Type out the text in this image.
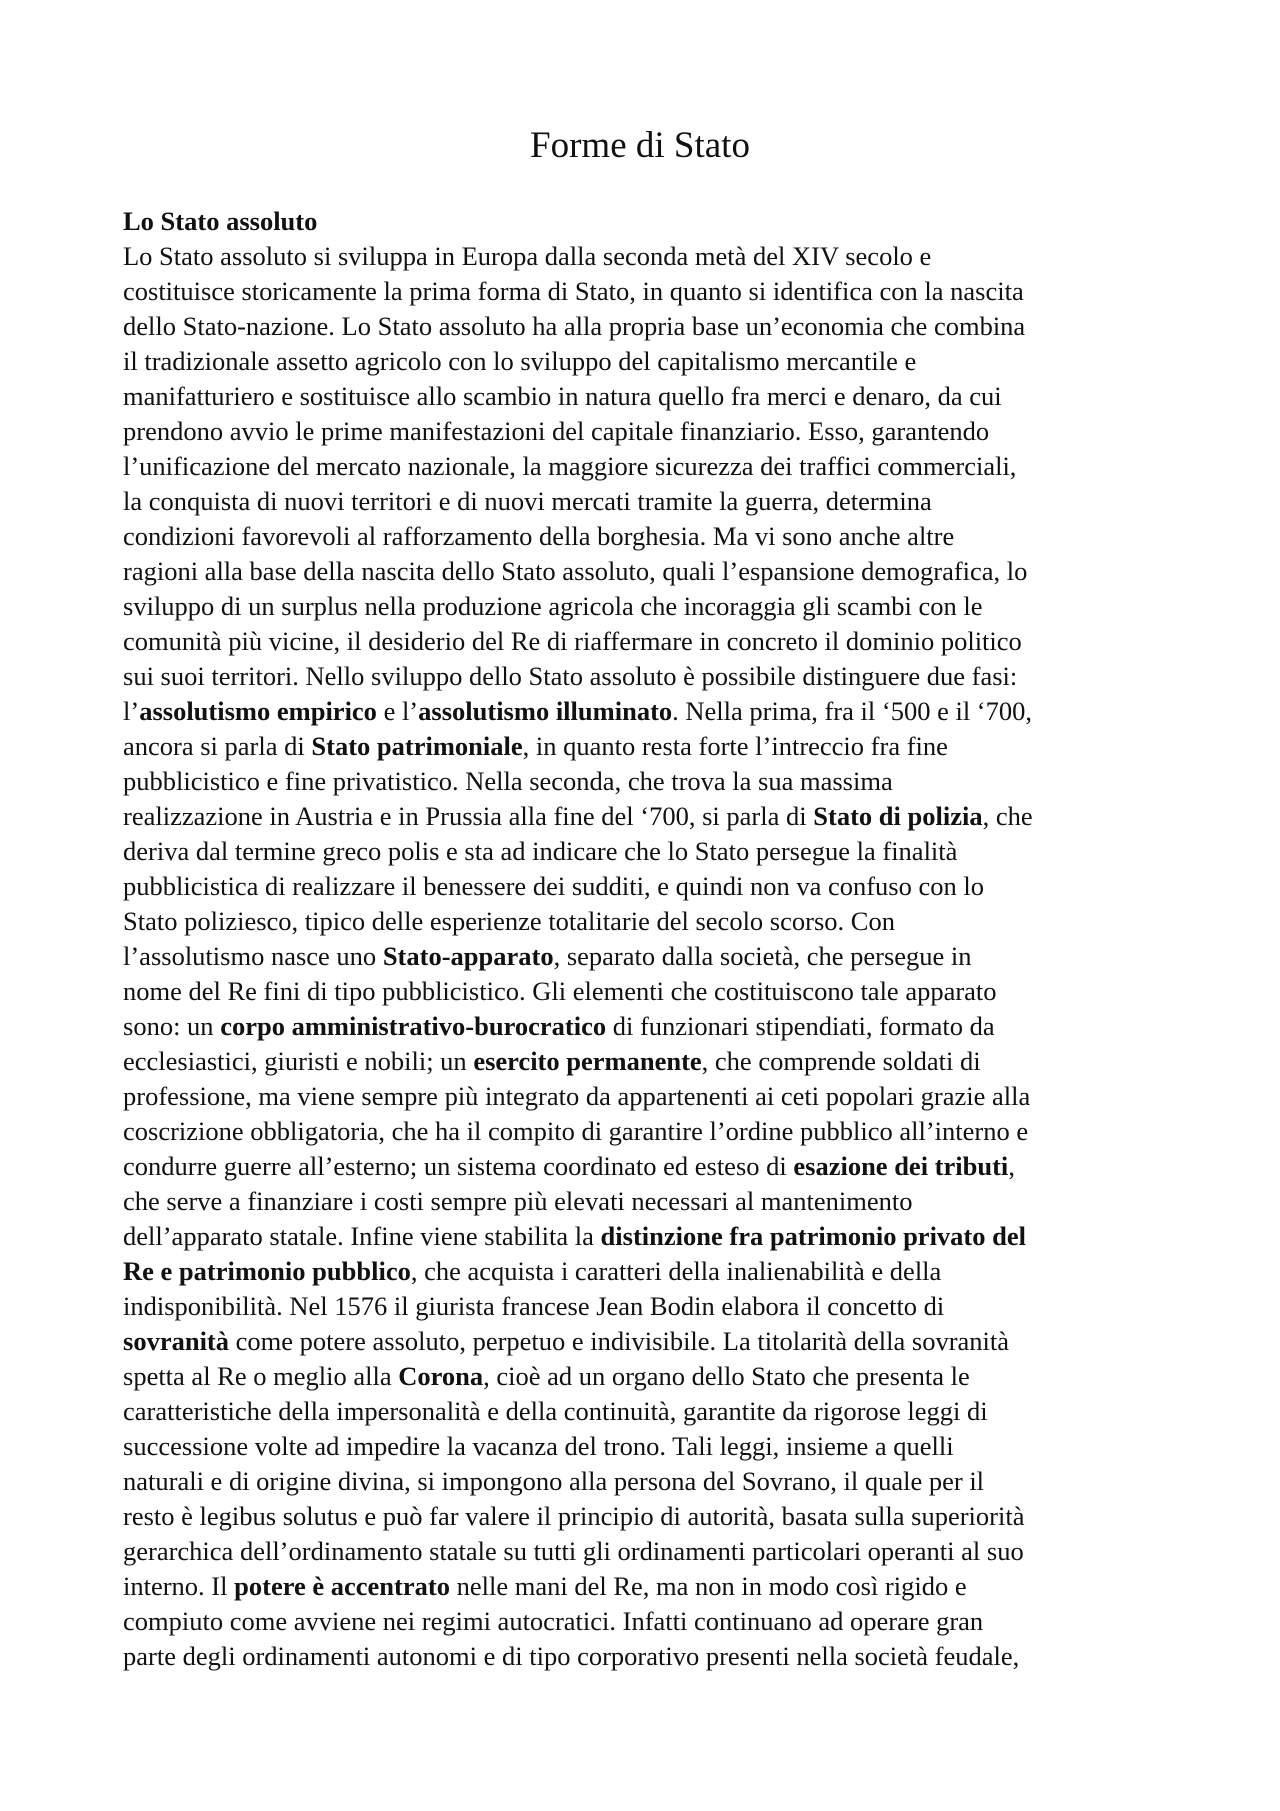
Forme di Stato
Lo Stato assoluto
Lo Stato assoluto si sviluppa in Europa dalla seconda metà del XIV secolo e
costituisce storicamente la prima forma di Stato, in quanto si identifica con la nascita
dello Stato-nazione. Lo Stato assoluto ha alla propria base un’economia che combina
il tradizionale assetto agricolo con lo sviluppo del capitalismo mercantile e
manifatturiero e sostituisce allo scambio in natura quello fra merci e denaro, da cui
prendono avvio le prime manifestazioni del capitale finanziario. Esso, garantendo
l’unificazione del mercato nazionale, la maggiore sicurezza dei traffici commerciali,
la conquista di nuovi territori e di nuovi mercati tramite la guerra, determina
condizioni favorevoli al rafforzamento della borghesia. Ma vi sono anche altre
ragioni alla base della nascita dello Stato assoluto, quali l’espansione demografica, lo
sviluppo di un surplus nella produzione agricola che incoraggia gli scambi con le
comunità più vicine, il desiderio del Re di riaffermare in concreto il dominio politico
sui suoi territori. Nello sviluppo dello Stato assoluto è possibile distinguere due fasi:
l’assolutismo empirico e l’assolutismo illuminato. Nella prima, fra il ‘500 e il ‘700,
ancora si parla di Stato patrimoniale, in quanto resta forte l’intreccio fra fine
pubblicistico e fine privatistico. Nella seconda, che trova la sua massima
realizzazione in Austria e in Prussia alla fine del ‘700, si parla di Stato di polizia, che
deriva dal termine greco polis e sta ad indicare che lo Stato persegue la finalità
pubblicistica di realizzare il benessere dei sudditi, e quindi non va confuso con lo
Stato poliziesco, tipico delle esperienze totalitarie del secolo scorso. Con
l’assolutismo nasce uno Stato-apparato, separato dalla società, che persegue in
nome del Re fini di tipo pubblicistico. Gli elementi che costituiscono tale apparato
sono: un corpo amministrativo-burocratico di funzionari stipendiati, formato da
ecclesiastici, giuristi e nobili; un esercito permanente, che comprende soldati di
professione, ma viene sempre più integrato da appartenenti ai ceti popolari grazie alla
coscrizione obbligatoria, che ha il compito di garantire l’ordine pubblico all’interno e
condurre guerre all’esterno; un sistema coordinato ed esteso di esazione dei tributi,
che serve a finanziare i costi sempre più elevati necessari al mantenimento
dell’apparato statale. Infine viene stabilita la distinzione fra patrimonio privato del
Re e patrimonio pubblico, che acquista i caratteri della inalienabilità e della
indisponibilità. Nel 1576 il giurista francese Jean Bodin elabora il concetto di
sovranità come potere assoluto, perpetuo e indivisibile. La titolarità della sovranità
spetta al Re o meglio alla Corona, cioè ad un organo dello Stato che presenta le
caratteristiche della impersonalità e della continuità, garantite da rigorose leggi di
successione volte ad impedire la vacanza del trono. Tali leggi, insieme a quelli
naturali e di origine divina, si impongono alla persona del Sovrano, il quale per il
resto è legibus solutus e può far valere il principio di autorità, basata sulla superiorità
gerarchica dell’ordinamento statale su tutti gli ordinamenti particolari operanti al suo
interno. Il potere è accentrato nelle mani del Re, ma non in modo così rigido e
compiuto come avviene nei regimi autocratici. Infatti continuano ad operare gran
parte degli ordinamenti autonomi e di tipo corporativo presenti nella società feudale,
